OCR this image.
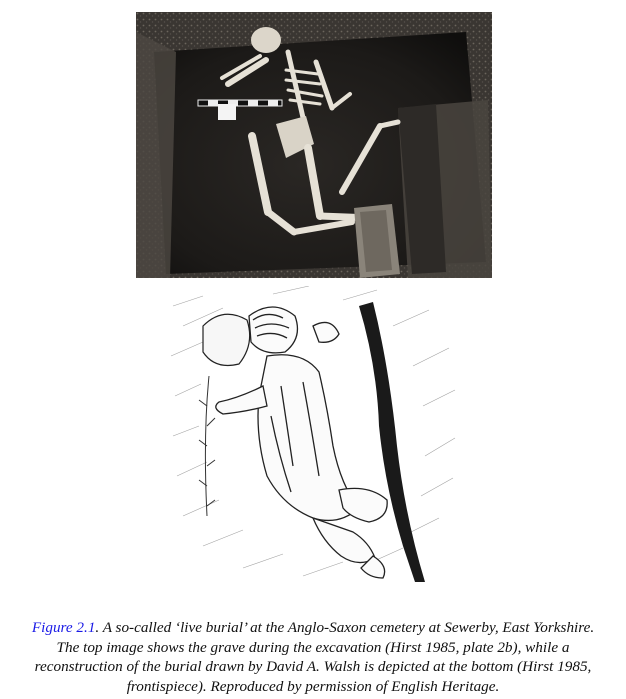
Figure 2.1. A so-called ‘live burial’ at the Anglo-Saxon cemetery at Sewerby, East Yorkshire. The top image shows the grave during the excavation (Hirst 1985, plate 2b), while a reconstruction of the burial drawn by David A. Walsh is depicted at the bottom (Hirst 1985, frontispiece). Reproduced by permission of English Heritage.
